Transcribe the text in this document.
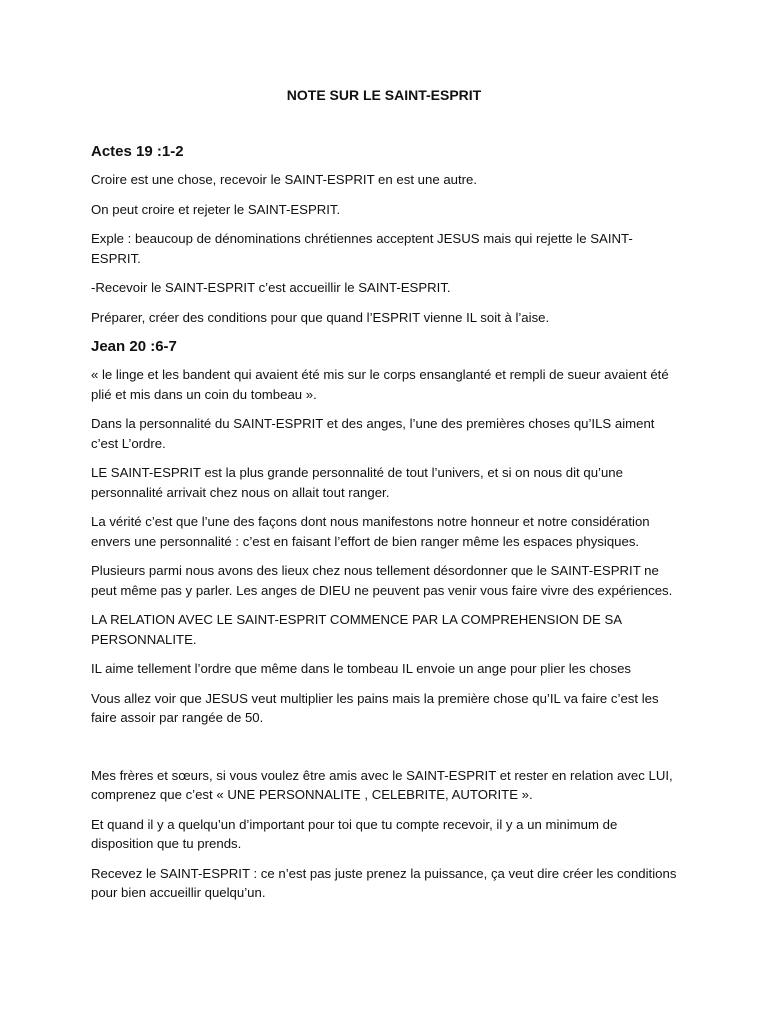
NOTE SUR LE SAINT-ESPRIT
Actes 19 :1-2

Croire est une chose, recevoir le SAINT-ESPRIT en est une autre.

On peut croire et rejeter le SAINT-ESPRIT.

Exple : beaucoup de dénominations chrétiennes acceptent JESUS mais qui rejette le SAINT-ESPRIT.

-Recevoir le SAINT-ESPRIT c’est accueillir le SAINT-ESPRIT.

Préparer, créer des conditions pour que quand l’ESPRIT vienne IL soit à l’aise.

Jean 20 :6-7

« le linge et les bandent qui avaient été mis sur le corps ensanglanté et rempli de sueur avaient été plié et mis dans un coin du tombeau ».

Dans la personnalité du SAINT-ESPRIT et des anges, l’une des premières choses qu’ILS aiment c’est L’ordre.

LE SAINT-ESPRIT est la plus grande personnalité de tout l’univers, et si on nous dit qu’une personnalité arrivait chez nous on allait tout ranger.

La vérité c’est que l’une des façons dont nous manifestons notre honneur et notre considération envers une personnalité : c’est en faisant l’effort de bien ranger même les espaces physiques.

Plusieurs parmi nous avons des lieux chez nous tellement désordonner que le SAINT-ESPRIT ne peut même pas y parler. Les anges de DIEU ne peuvent pas venir vous faire vivre des expériences.

LA RELATION AVEC LE SAINT-ESPRIT COMMENCE PAR LA COMPREHENSION DE SA PERSONNALITE.

IL aime tellement l’ordre que même dans le tombeau IL envoie un ange pour plier les choses

Vous allez voir que JESUS veut multiplier les pains mais la première chose qu’IL va faire c’est les faire assoir par rangée de 50.

Mes frères et sœurs, si vous voulez être amis avec le SAINT-ESPRIT et rester en relation avec LUI, comprenez que c’est « UNE PERSONNALITE , CELEBRITE, AUTORITE ».

Et quand il y a quelqu’un d’important pour toi que tu compte recevoir, il y a un minimum de disposition que tu prends.

Recevez le SAINT-ESPRIT : ce n’est pas juste prenez la puissance, ça veut dire créer les conditions pour bien accueillir quelqu’un.
